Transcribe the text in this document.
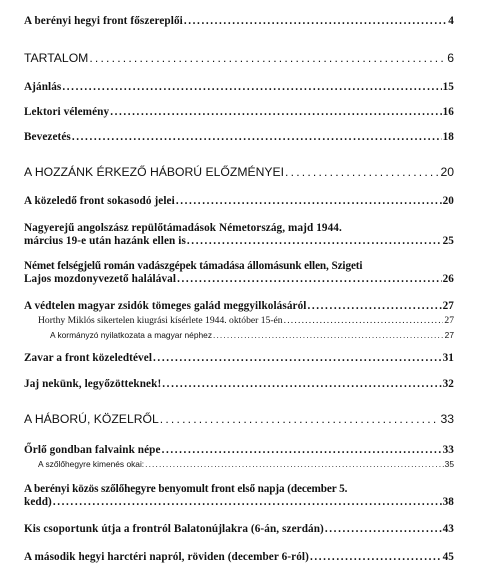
A berényi hegyi front főszereplői . . .	4
TARTALOM . . .	6
Ajánlás . . .	15
Lektori vélemény . . .	16
Bevezetés . . .	18
A HOZZÁNK ÉRKEZŐ HÁBORÚ ELŐZMÉNYEI . . .	20
A közeledő front sokasodó jelei . . .	20
Nagyerejű angolszász repülőtámadások Németország, majd 1944.
március 19-e után hazánk ellen is . . .	25
Német felségjelű román vadászgépek támadása állomásunk ellen, Szigeti
Lajos mozdonyvezető halálával . . .	26
A védtelen magyar zsidók tömeges galád meggyilkolásáról . . .	27
Horthy Miklós sikertelen kiugrási kísérlete 1944. október 15-én . . .	27
A kormányzó nyilatkozata a magyar néphez . . .	27
Zavar a front közeledtével . . .	31
Jaj nekünk, legyőzötteknek! . . .	32
A HÁBORÚ, KÖZELRŐL . . .	33
Őrlő gondban falvaink népe . . .	33
A szőlőhegyre kimenés okai: . . .	35
A berényi közös szőlőhegyre benyomult front első napja (december 5.
kedd) . . .	38
Kis csoportunk útja a frontról Balatonújlakra (6-án, szerdán) . . .	43
A második hegyi harctéri napról, röviden (december 6-ról) . . .	45
